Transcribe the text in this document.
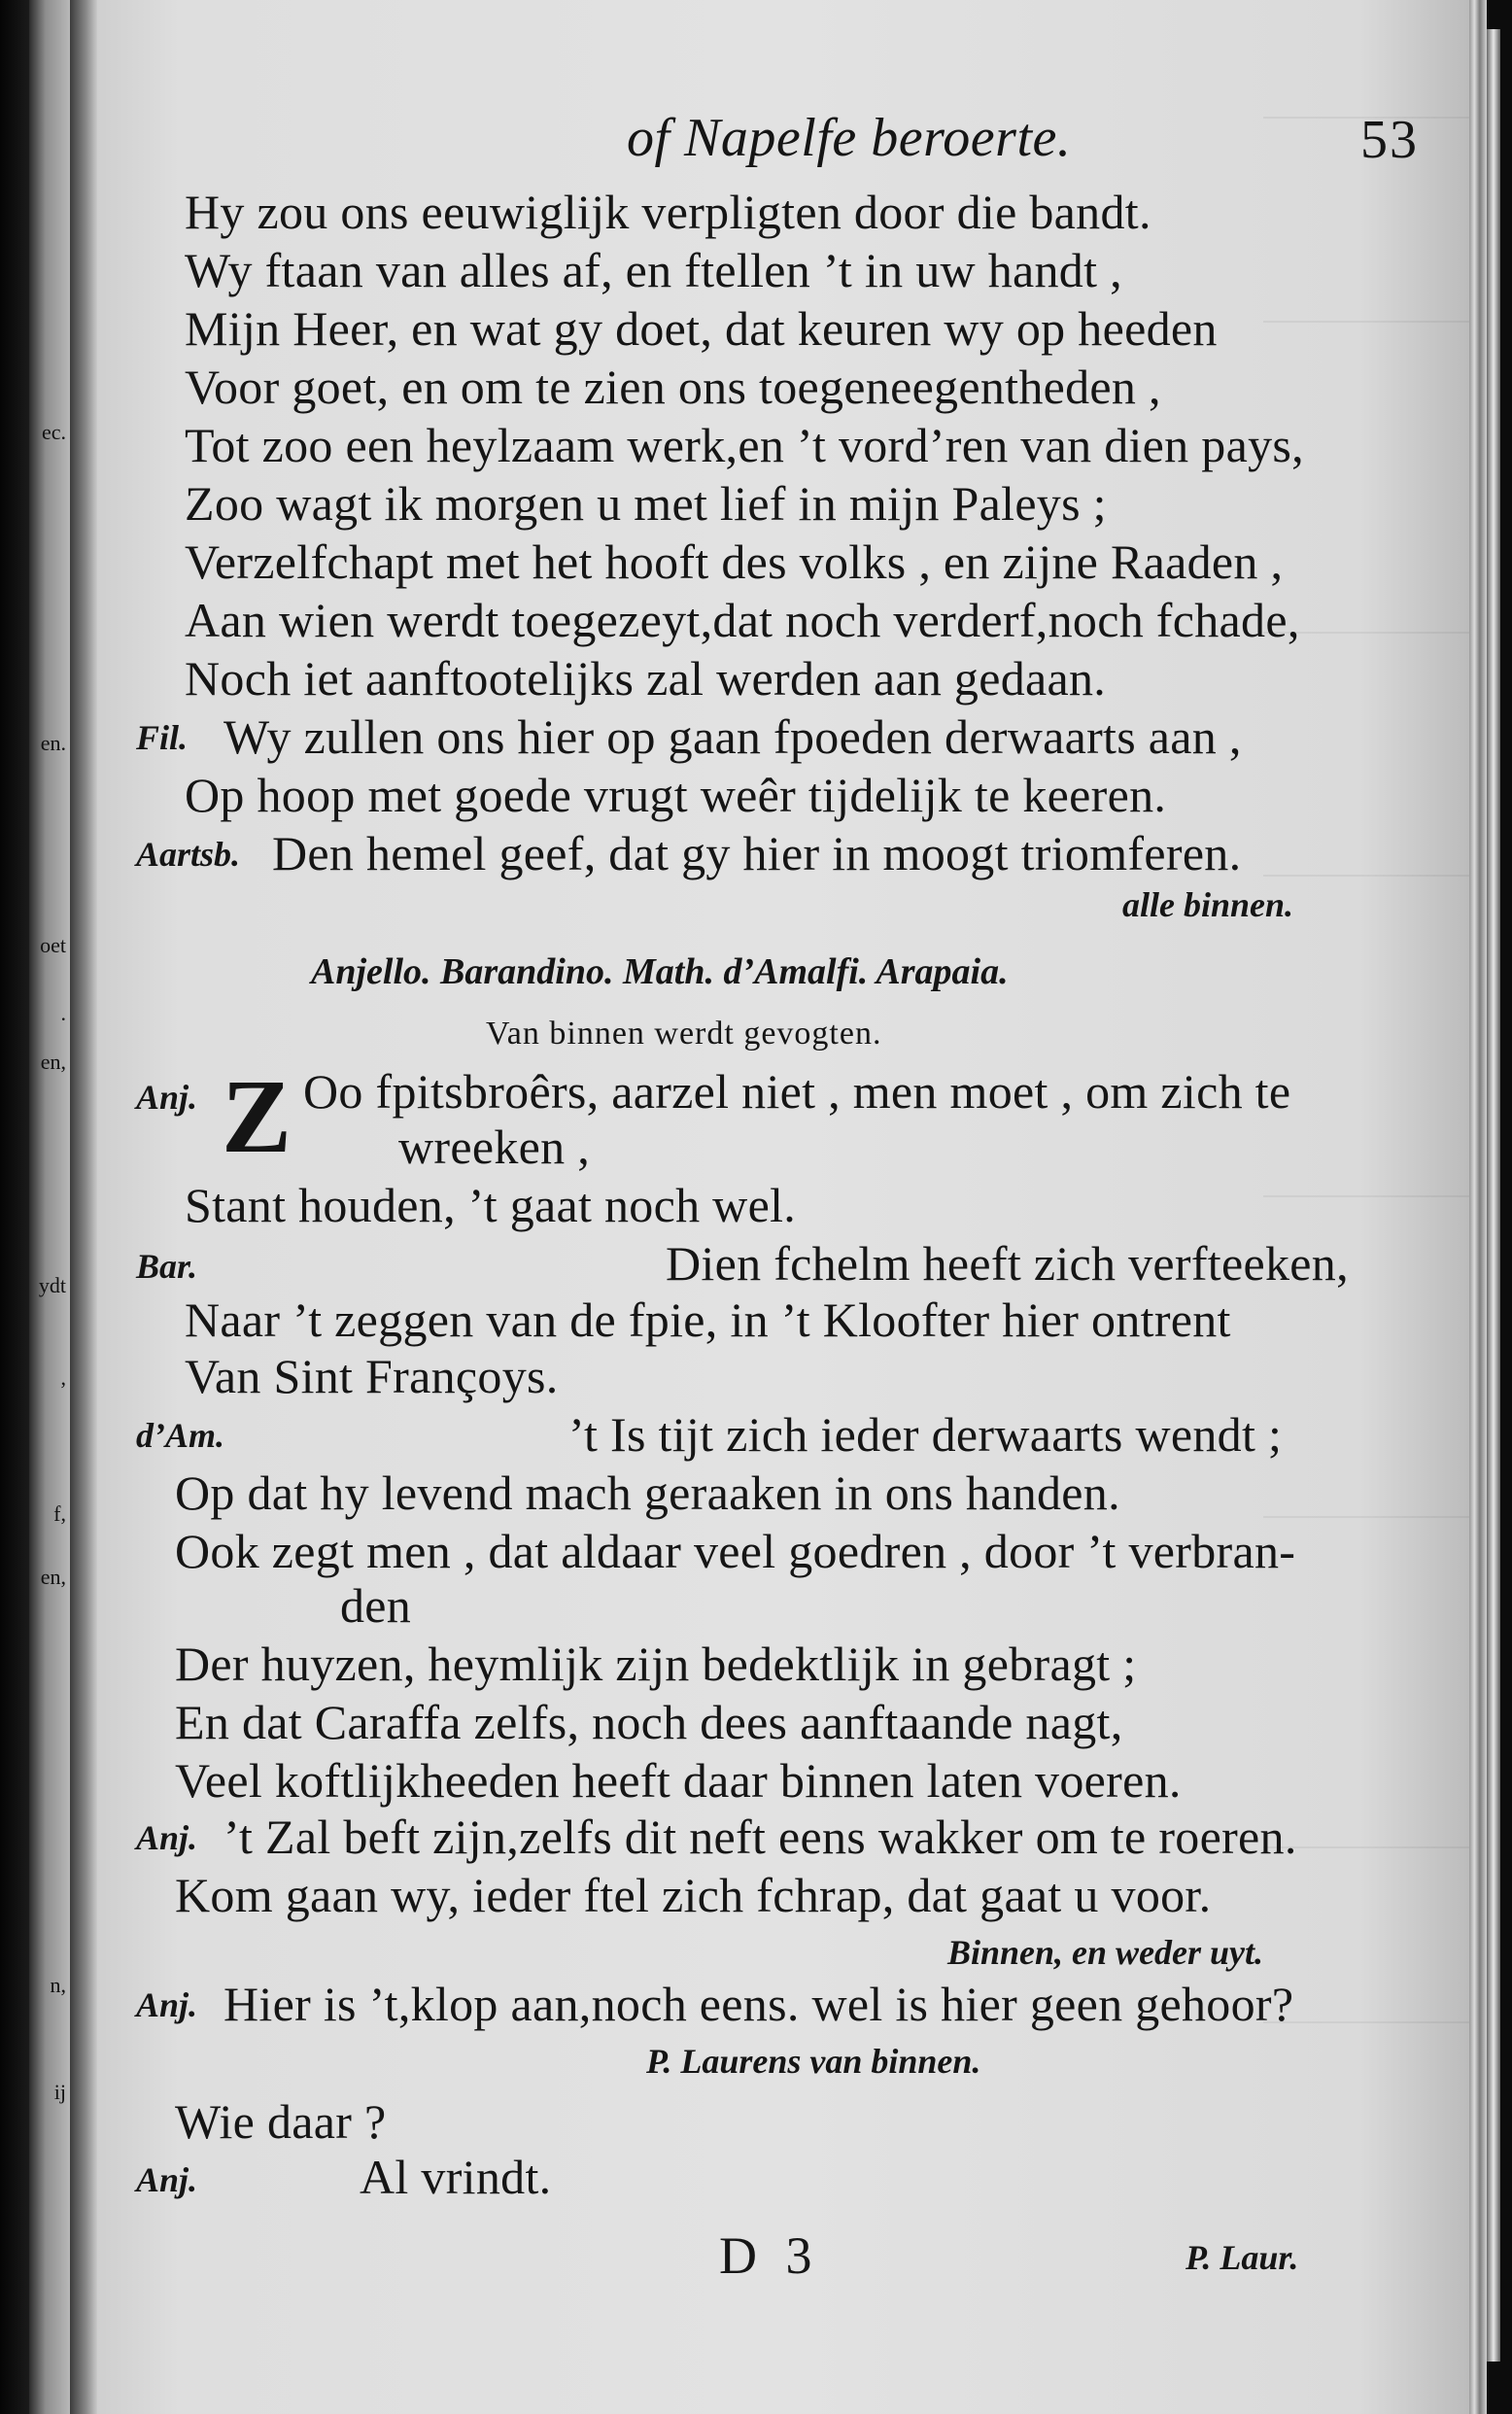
ec.
en.
oet
.
en,
ydt
,
f,
en,
n,
ij
of Napelfe beroerte.	53
Hy zou ons eeuwiglijk verpligten door die bandt.
Wy ftaan van alles af, en ftellen ’t in uw handt ,
Mijn Heer, en wat gy doet, dat keuren wy op heeden
Voor goet, en om te zien ons toegeneegentheden ,
Tot zoo een heylzaam werk,en ’t vord’ren van dien pays,
Zoo wagt ik morgen u met lief in mijn Paleys ;
Verzelfchapt met het hooft des volks , en zijne Raaden ,
Aan wien werdt toegezeyt,dat noch verderf,noch fchade,
Noch iet aanftootelijks zal werden aan gedaan.
Fil. Wy zullen ons hier op gaan fpoeden derwaarts aan ,
Op hoop met goede vrugt weêr tijdelijk te keeren.
Aartsb. Den hemel geef, dat gy hier in moogt triomferen.
alle binnen.
Anjello. Barandino. Math. d’Amalfi. Arapaia.
Van binnen werdt gevogten.
Anj. Z Oo fpitsbroêrs, aarzel niet , men moet , om zich te
wreeken ,
Stant houden, ’t gaat noch wel.
Bar.	Dien fchelm heeft zich verfteeken,
Naar ’t zeggen van de fpie, in ’t Kloofter hier ontrent
Van Sint Françoys.
d’Am.	’t Is tijt zich ieder derwaarts wendt ;
Op dat hy levend mach geraaken in ons handen.
Ook zegt men , dat aldaar veel goedren , door ’t verbran-
den
Der huyzen, heymlijk zijn bedektlijk in gebragt ;
En dat Caraffa zelfs, noch dees aanftaande nagt,
Veel koftlijkheeden heeft daar binnen laten voeren.
Anj. ’t Zal beft zijn,zelfs dit neft eens wakker om te roeren.
Kom gaan wy, ieder ftel zich fchrap, dat gaat u voor.
Binnen, en weder uyt.
Anj. Hier is ’t,klop aan,noch eens. wel is hier geen gehoor?
P. Laurens van binnen.
Wie daar ?
Anj.	Al vrindt.
D 3	P. Laur.
